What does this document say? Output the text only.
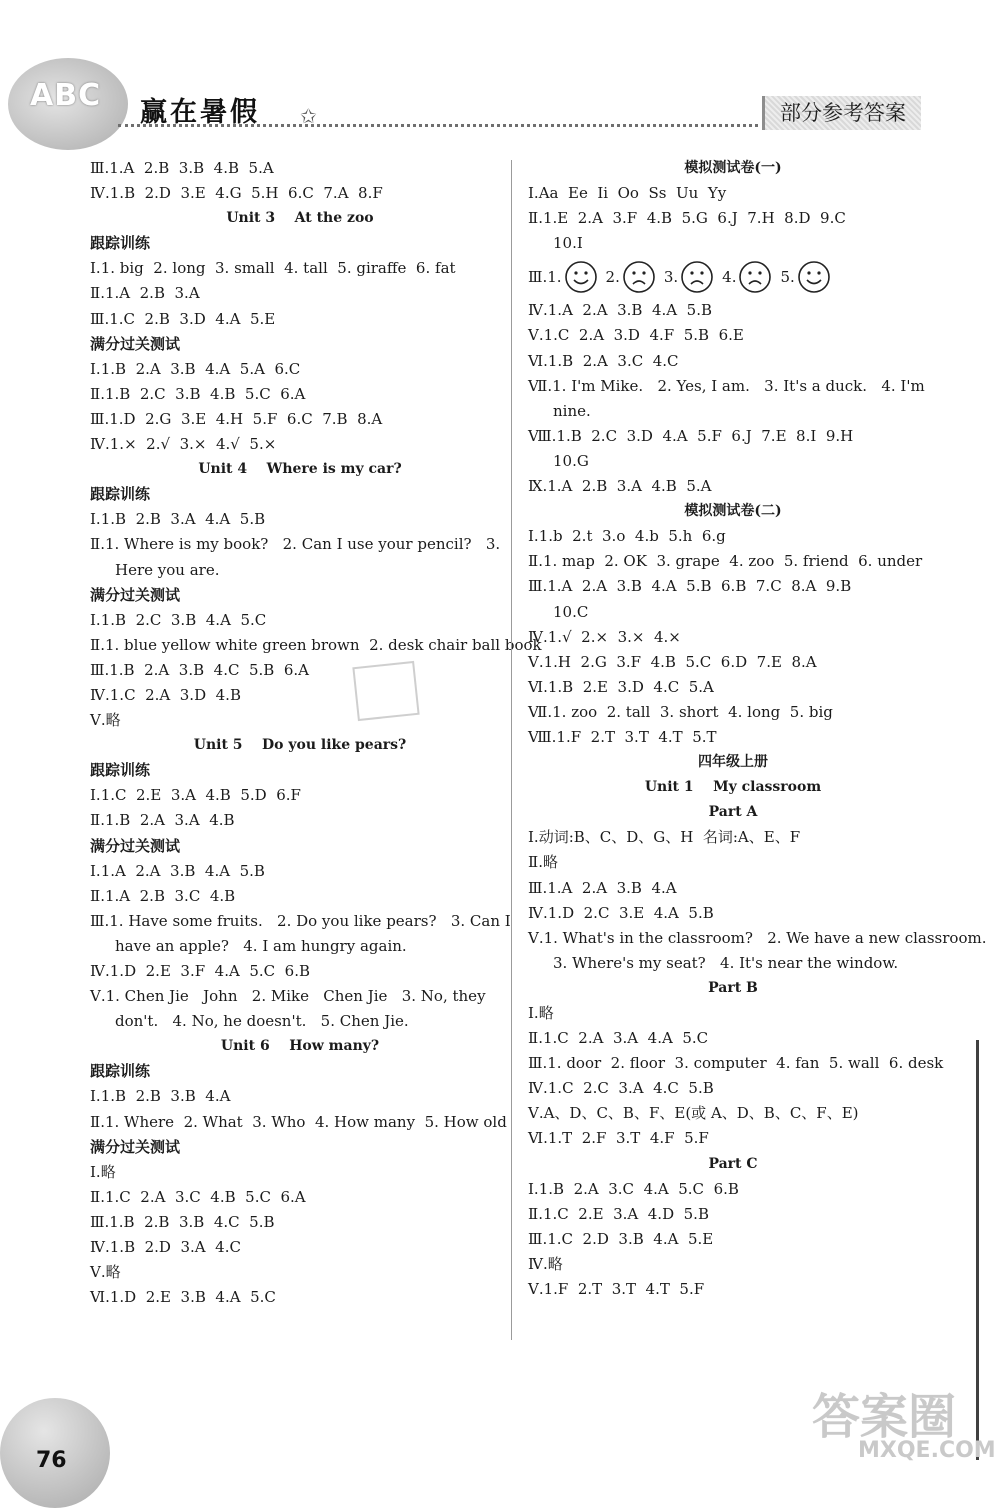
ABC 赢在暑假 ✩	部分参考答案
Ⅲ.1.A  2.B  3.B  4.B  5.A
Ⅳ.1.B  2.D  3.E  4.G  5.H  6.C  7.A  8.F
Unit 3    At the zoo
跟踪训练
Ⅰ.1. big  2. long  3. small  4. tall  5. giraffe  6. fat
Ⅱ.1.A  2.B  3.A
Ⅲ.1.C  2.B  3.D  4.A  5.E
满分过关测试
Ⅰ.1.B  2.A  3.B  4.A  5.A  6.C
Ⅱ.1.B  2.C  3.B  4.B  5.C  6.A
Ⅲ.1.D  2.G  3.E  4.H  5.F  6.C  7.B  8.A
Ⅳ.1.×  2.√  3.×  4.√  5.×
Unit 4    Where is my car?
跟踪训练
Ⅰ.1.B  2.B  3.A  4.A  5.B
Ⅱ.1. Where is my book?   2. Can I use your pencil?   3.
Here you are.
满分过关测试
Ⅰ.1.B  2.C  3.B  4.A  5.C
Ⅱ.1. blue yellow white green brown  2. desk chair ball book
Ⅲ.1.B  2.A  3.B  4.C  5.B  6.A
Ⅳ.1.C  2.A  3.D  4.B
Ⅴ.略
Unit 5    Do you like pears?
跟踪训练
Ⅰ.1.C  2.E  3.A  4.B  5.D  6.F
Ⅱ.1.B  2.A  3.A  4.B
满分过关测试
Ⅰ.1.A  2.A  3.B  4.A  5.B
Ⅱ.1.A  2.B  3.C  4.B
Ⅲ.1. Have some fruits.   2. Do you like pears?   3. Can I
have an apple?   4. I am hungry again.
Ⅳ.1.D  2.E  3.F  4.A  5.C  6.B
Ⅴ.1. Chen Jie   John   2. Mike   Chen Jie   3. No, they
don't.   4. No, he doesn't.   5. Chen Jie.
Unit 6    How many?
跟踪训练
Ⅰ.1.B  2.B  3.B  4.A
Ⅱ.1. Where  2. What  3. Who  4. How many  5. How old
满分过关测试
Ⅰ.略
Ⅱ.1.C  2.A  3.C  4.B  5.C  6.A
Ⅲ.1.B  2.B  3.B  4.C  5.B
Ⅳ.1.B  2.D  3.A  4.C
Ⅴ.略
Ⅵ.1.D  2.E  3.B  4.A  5.C
模拟测试卷(一)
Ⅰ.Aa  Ee  Ii  Oo  Ss  Uu  Yy
Ⅱ.1.E  2.A  3.F  4.B  5.G  6.J  7.H  8.D  9.C
10.I
Ⅲ.1.	2.	3.	4.	5.
Ⅳ.1.A  2.A  3.B  4.A  5.B
Ⅴ.1.C  2.A  3.D  4.F  5.B  6.E
Ⅵ.1.B  2.A  3.C  4.C
Ⅶ.1. I'm Mike.   2. Yes, I am.   3. It's a duck.   4. I'm
nine.
Ⅷ.1.B  2.C  3.D  4.A  5.F  6.J  7.E  8.I  9.H
10.G
Ⅸ.1.A  2.B  3.A  4.B  5.A
模拟测试卷(二)
Ⅰ.1.b  2.t  3.o  4.b  5.h  6.g
Ⅱ.1. map  2. OK  3. grape  4. zoo  5. friend  6. under
Ⅲ.1.A  2.A  3.B  4.A  5.B  6.B  7.C  8.A  9.B
10.C
Ⅳ.1.√  2.×  3.×  4.×
Ⅴ.1.H  2.G  3.F  4.B  5.C  6.D  7.E  8.A
Ⅵ.1.B  2.E  3.D  4.C  5.A
Ⅶ.1. zoo  2. tall  3. short  4. long  5. big
Ⅷ.1.F  2.T  3.T  4.T  5.T
四年级上册
Unit 1    My classroom
Part A
Ⅰ.动词:B、C、D、G、H  名词:A、E、F
Ⅱ.略
Ⅲ.1.A  2.A  3.B  4.A
Ⅳ.1.D  2.C  3.E  4.A  5.B
Ⅴ.1. What's in the classroom?   2. We have a new classroom.
3. Where's my seat?   4. It's near the window.
Part B
Ⅰ.略
Ⅱ.1.C  2.A  3.A  4.A  5.C
Ⅲ.1. door  2. floor  3. computer  4. fan  5. wall  6. desk
Ⅳ.1.C  2.C  3.A  4.C  5.B
Ⅴ.A、D、C、B、F、E(或 A、D、B、C、F、E)
Ⅵ.1.T  2.F  3.T  4.F  5.F
Part C
Ⅰ.1.B  2.A  3.C  4.A  5.C  6.B
Ⅱ.1.C  2.E  3.A  4.D  5.B
Ⅲ.1.C  2.D  3.B  4.A  5.E
Ⅳ.略
Ⅴ.1.F  2.T  3.T  4.T  5.F
76
答案圈
MXQE.COM
